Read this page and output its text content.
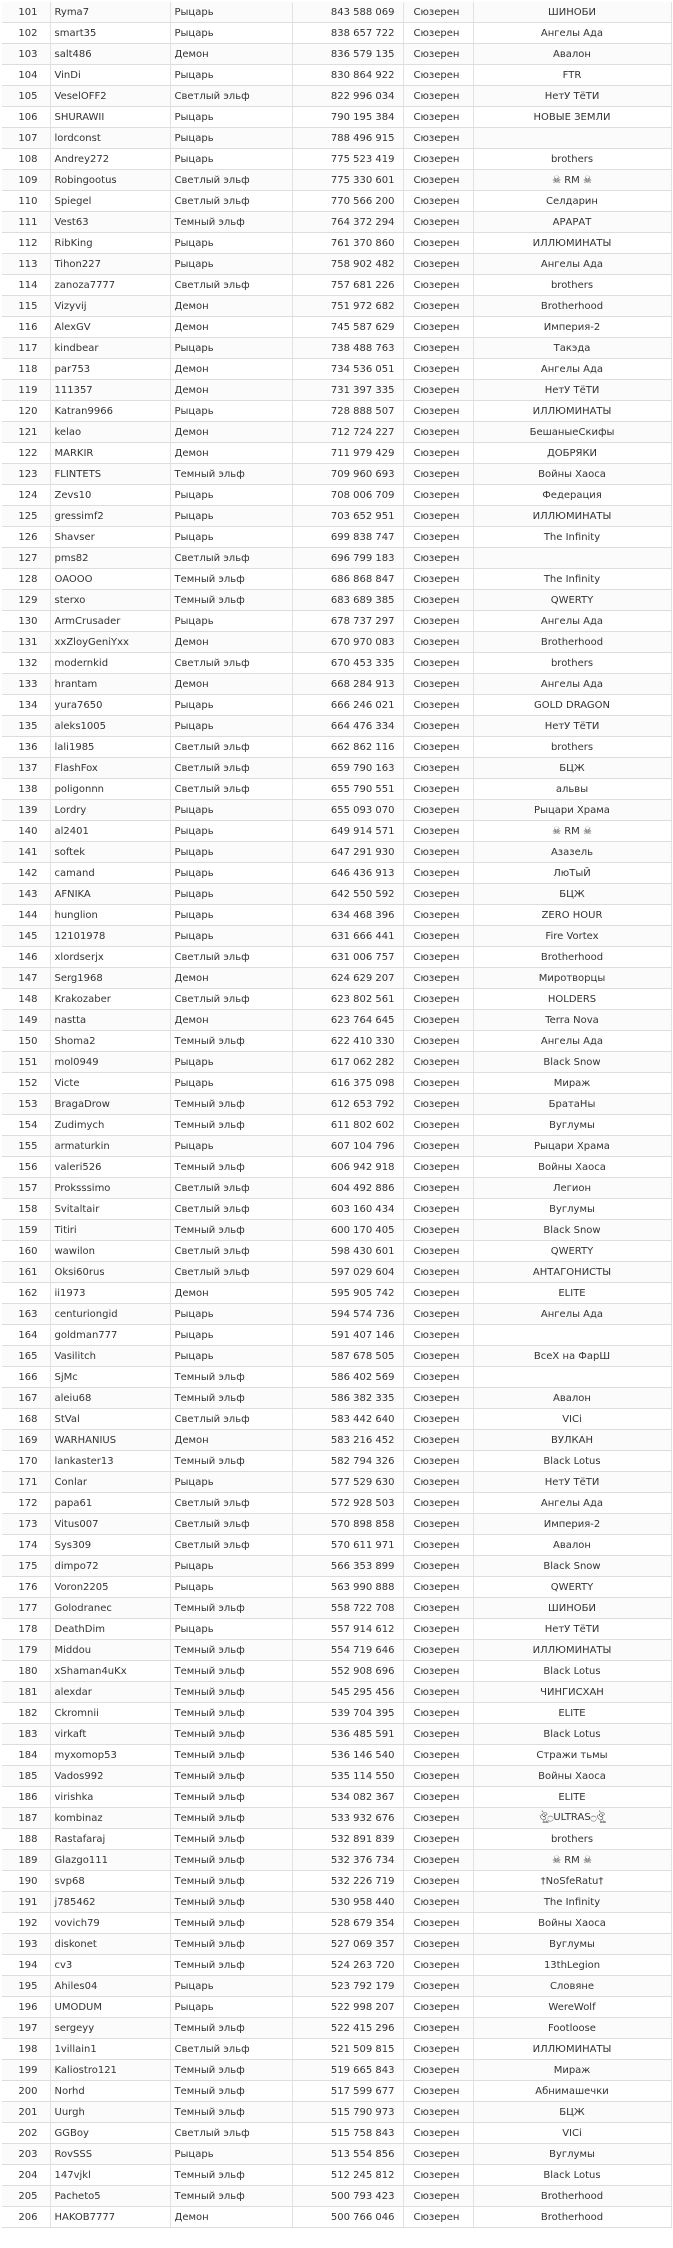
101	Ryma7	Рыцарь	843 588 069	Сюзерен	ШИНОБИ
102	smart35	Рыцарь	838 657 722	Сюзерен	Ангелы Ада
103	salt486	Демон	836 579 135	Сюзерен	Авалон
104	VinDi	Рыцарь	830 864 922	Сюзерен	FTR
105	VeselOFF2	Светлый эльф	822 996 034	Сюзерен	НетУ ТёТИ
106	SHURAWII	Рыцарь	790 195 384	Сюзерен	НОВЫЕ ЗЕМЛИ
107	lordconst	Рыцарь	788 496 915	Сюзерен	
108	Andrey272	Рыцарь	775 523 419	Сюзерен	brothers
109	Robingootus	Светлый эльф	775 330 601	Сюзерен	☠ RM ☠
110	Spiegel	Светлый эльф	770 566 200	Сюзерен	Селдарин
111	Vest63	Темный эльф	764 372 294	Сюзерен	АРАРАТ
112	RibKing	Рыцарь	761 370 860	Сюзерен	ИЛЛЮМИНАТЫ
113	Tihon227	Рыцарь	758 902 482	Сюзерен	Ангелы Ада
114	zanoza7777	Светлый эльф	757 681 226	Сюзерен	brothers
115	Vizyvij	Демон	751 972 682	Сюзерен	Brotherhood
116	AlexGV	Демон	745 587 629	Сюзерен	Империя-2
117	kindbear	Рыцарь	738 488 763	Сюзерен	Такэда
118	par753	Демон	734 536 051	Сюзерен	Ангелы Ада
119	111357	Демон	731 397 335	Сюзерен	НетУ ТёТИ
120	Katran9966	Рыцарь	728 888 507	Сюзерен	ИЛЛЮМИНАТЫ
121	kelao	Демон	712 724 227	Сюзерен	БешаныеСкифы
122	MARKIR	Демон	711 979 429	Сюзерен	ДОБРЯКИ
123	FLINTETS	Темный эльф	709 960 693	Сюзерен	Войны Хаоса
124	Zevs10	Рыцарь	708 006 709	Сюзерен	Федерация
125	gressimf2	Рыцарь	703 652 951	Сюзерен	ИЛЛЮМИНАТЫ
126	Shavser	Рыцарь	699 838 747	Сюзерен	The Infinity
127	pms82	Светлый эльф	696 799 183	Сюзерен	
128	OAOOO	Темный эльф	686 868 847	Сюзерен	The Infinity
129	sterxo	Темный эльф	683 689 385	Сюзерен	QWERTY
130	ArmCrusader	Рыцарь	678 737 297	Сюзерен	Ангелы Ада
131	xxZloyGeniYxx	Демон	670 970 083	Сюзерен	Brotherhood
132	modernkid	Светлый эльф	670 453 335	Сюзерен	brothers
133	hrantam	Демон	668 284 913	Сюзерен	Ангелы Ада
134	yura7650	Рыцарь	666 246 021	Сюзерен	GOLD DRAGON
135	aleks1005	Рыцарь	664 476 334	Сюзерен	НетУ ТёТИ
136	lali1985	Светлый эльф	662 862 116	Сюзерен	brothers
137	FlashFox	Светлый эльф	659 790 163	Сюзерен	БЦЖ
138	poligonnn	Светлый эльф	655 790 551	Сюзерен	альвы
139	Lordry	Рыцарь	655 093 070	Сюзерен	Рыцари Храма
140	al2401	Рыцарь	649 914 571	Сюзерен	☠ RM ☠
141	softek	Рыцарь	647 291 930	Сюзерен	Азазель
142	camand	Рыцарь	646 436 913	Сюзерен	ЛюТыЙ
143	AFNIKA	Рыцарь	642 550 592	Сюзерен	БЦЖ
144	hunglion	Рыцарь	634 468 396	Сюзерен	ZERO HOUR
145	12101978	Рыцарь	631 666 441	Сюзерен	Fire Vortex
146	xlordserjx	Светлый эльф	631 006 757	Сюзерен	Brotherhood
147	Serg1968	Демон	624 629 207	Сюзерен	Миротворцы
148	Krakozaber	Светлый эльф	623 802 561	Сюзерен	HOLDERS
149	nastta	Демон	623 764 645	Сюзерен	Terra Nova
150	Shoma2	Темный эльф	622 410 330	Сюзерен	Ангелы Ада
151	mol0949	Рыцарь	617 062 282	Сюзерен	Black Snow
152	Victe	Рыцарь	616 375 098	Сюзерен	Мираж
153	BragaDrow	Темный эльф	612 653 792	Сюзерен	БратаНы
154	Zudimych	Темный эльф	611 802 602	Сюзерен	Вуглумы
155	armaturkin	Рыцарь	607 104 796	Сюзерен	Рыцари Храма
156	valeri526	Темный эльф	606 942 918	Сюзерен	Войны Хаоса
157	Proksssimo	Светлый эльф	604 492 886	Сюзерен	Легион
158	Svitaltair	Светлый эльф	603 160 434	Сюзерен	Вуглумы
159	Titiri	Темный эльф	600 170 405	Сюзерен	Black Snow
160	wawilon	Светлый эльф	598 430 601	Сюзерен	QWERTY
161	Oksi60rus	Светлый эльф	597 029 604	Сюзерен	АНТАГОНИСТЫ
162	ii1973	Демон	595 905 742	Сюзерен	ELITE
163	centuriongid	Рыцарь	594 574 736	Сюзерен	Ангелы Ада
164	goldman777	Рыцарь	591 407 146	Сюзерен	
165	Vasilitch	Рыцарь	587 678 505	Сюзерен	ВсеХ на ФарШ
166	SjMc	Темный эльф	586 402 569	Сюзерен	
167	aleiu68	Темный эльф	586 382 335	Сюзерен	Авалон
168	StVal	Светлый эльф	583 442 640	Сюзерен	VICi
169	WARHANIUS	Демон	583 216 452	Сюзерен	ВУЛКАН
170	lankaster13	Темный эльф	582 794 326	Сюзерен	Black Lotus
171	Conlar	Рыцарь	577 529 630	Сюзерен	НетУ ТёТИ
172	papa61	Светлый эльф	572 928 503	Сюзерен	Ангелы Ада
173	Vitus007	Светлый эльф	570 898 858	Сюзерен	Империя-2
174	Sys309	Светлый эльф	570 611 971	Сюзерен	Авалон
175	dimpo72	Рыцарь	566 353 899	Сюзерен	Black Snow
176	Voron2205	Рыцарь	563 990 888	Сюзерен	QWERTY
177	Golodranec	Темный эльф	558 722 708	Сюзерен	ШИНОБИ
178	DeathDim	Рыцарь	557 914 612	Сюзерен	НетУ ТёТИ
179	Middou	Темный эльф	554 719 646	Сюзерен	ИЛЛЮМИНАТЫ
180	xShaman4uKx	Темный эльф	552 908 696	Сюзерен	Black Lotus
181	alexdar	Темный эльф	545 295 456	Сюзерен	ЧИНГИСХАН
182	Ckromnii	Темный эльф	539 704 395	Сюзерен	ELITE
183	virkaft	Темный эльф	536 485 591	Сюзерен	Black Lotus
184	myxomop53	Темный эльф	536 146 540	Сюзерен	Стражи тьмы
185	Vados992	Темный эльф	535 114 550	Сюзерен	Войны Хаоса
186	virishka	Темный эльф	534 082 367	Сюзерен	ELITE
187	kombinaz	Темный эльф	533 932 676	Сюзерен	ঔৣ۝ULTRAS۝ঔৣ
188	Rastafaraj	Темный эльф	532 891 839	Сюзерен	brothers
189	Glazgo111	Темный эльф	532 376 734	Сюзерен	☠ RM ☠
190	svp68	Темный эльф	532 226 719	Сюзерен	†NoSfeRatu†
191	j785462	Темный эльф	530 958 440	Сюзерен	The Infinity
192	vovich79	Темный эльф	528 679 354	Сюзерен	Войны Хаоса
193	diskonet	Темный эльф	527 069 357	Сюзерен	Вуглумы
194	cv3	Темный эльф	524 263 720	Сюзерен	13thLegion
195	Ahiles04	Рыцарь	523 792 179	Сюзерен	Словяне
196	UMODUM	Рыцарь	522 998 207	Сюзерен	WereWolf
197	sergeyy	Темный эльф	522 415 296	Сюзерен	Footloose
198	1villain1	Светлый эльф	521 509 815	Сюзерен	ИЛЛЮМИНАТЫ
199	Kaliostro121	Темный эльф	519 665 843	Сюзерен	Мираж
200	Norhd	Темный эльф	517 599 677	Сюзерен	Абнимашечки
201	Uurgh	Темный эльф	515 790 973	Сюзерен	БЦЖ
202	GGBoy	Светлый эльф	515 758 843	Сюзерен	VICi
203	RovSSS	Рыцарь	513 554 856	Сюзерен	Вуглумы
204	147vjkl	Темный эльф	512 245 812	Сюзерен	Black Lotus
205	Pacheto5	Темный эльф	500 793 423	Сюзерен	Brotherhood
206	HAKOB7777	Демон	500 766 046	Сюзерен	Brotherhood
